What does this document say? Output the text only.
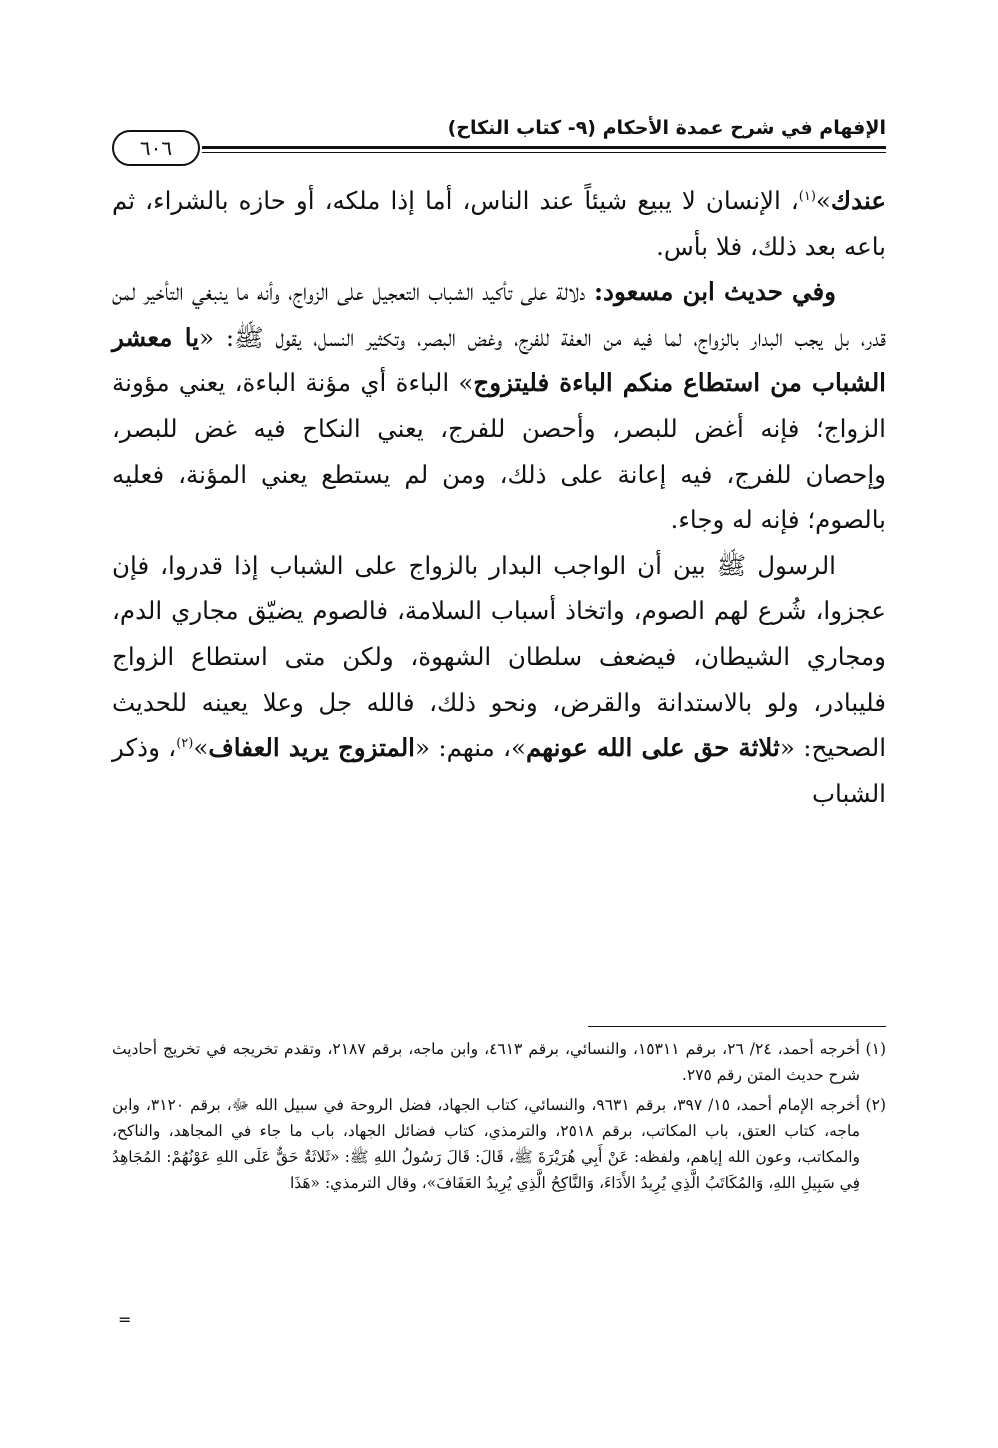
الإفهام في شرح عمدة الأحكام (٩- كتاب النكاح)
٦٠٦

عندك»$^{(١)}$، الإنسان لا يبيع شيئاً عند الناس، أما إذا ملكه، أو حازه بالشراء، ثم باعه بعد ذلك، فلا بأس.

وفي حديث ابن مسعود: دلالة على تأكيد الشباب التعجيل على الزواج، وأنه ما ينبغي التأخير لمن قدر، بل يجب البدار بالزواج، لما فيه من العفة للفرج، وغض البصر، وتكثير النسل، يقول ﷺ: «يا معشر الشباب من استطاع منكم الباءة فليتزوج» الباءة أي مؤنة الباءة، يعني مؤونة الزواج؛ فإنه أغض للبصر، وأحصن للفرج، يعني النكاح فيه غض للبصر، وإحصان للفرج، فيه إعانة على ذلك، ومن لم يستطع يعني المؤنة، فعليه بالصوم؛ فإنه له وجاء.

الرسول ﷺ بين أن الواجب البدار بالزواج على الشباب إذا قدروا، فإن عجزوا، شُرع لهم الصوم، واتخاذ أسباب السلامة، فالصوم يضيّق مجاري الدم، ومجاري الشيطان، فيضعف سلطان الشهوة، ولكن متى استطاع الزواج فليبادر، ولو بالاستدانة والقرض، ونحو ذلك، فالله جل وعلا يعينه للحديث الصحيح: «ثلاثة حق على الله عونهم»، منهم: «المتزوج يريد العفاف»$^{(٢)}$، وذكر الشباب

(١)
أخرجه أحمد، ٢٤/ ٢٦، برقم ١٥٣١١، والنسائي، برقم ٤٦١٣، وابن ماجه، برقم ٢١٨٧، وتقدم تخريجه في تخريج أحاديث شرح حديث المتن رقم ٢٧٥.

(٢)
أخرجه الإمام أحمد، ١٥/ ٣٩٧، برقم ٩٦٣١، والنسائي، كتاب الجهاد، فضل الروحة في سبيل الله ﷻ، برقم ٣١٢٠، وابن ماجه، كتاب العتق، باب المكاتب، برقم ٢٥١٨، والترمذي، كتاب فضائل الجهاد، باب ما جاء في المجاهد، والناكح، والمكاتب، وعون الله إياهم، ولفظه: عَنْ أَبِي هُرَيْرَةَ ﷺ، قَالَ: قَالَ رَسُولُ اللهِ ﷺ: «ثَلاثَةٌ حَقٌّ عَلَى اللهِ عَوْنُهُمْ: المُجَاهِدُ فِي سَبِيلِ اللهِ، وَالمُكَاتَبُ الَّذِي يُرِيدُ الأَدَاءَ، وَالنَّاكِحُ الَّذِي يُرِيدُ العَفَافَ»، وقال الترمذي: «هَذَا

=
